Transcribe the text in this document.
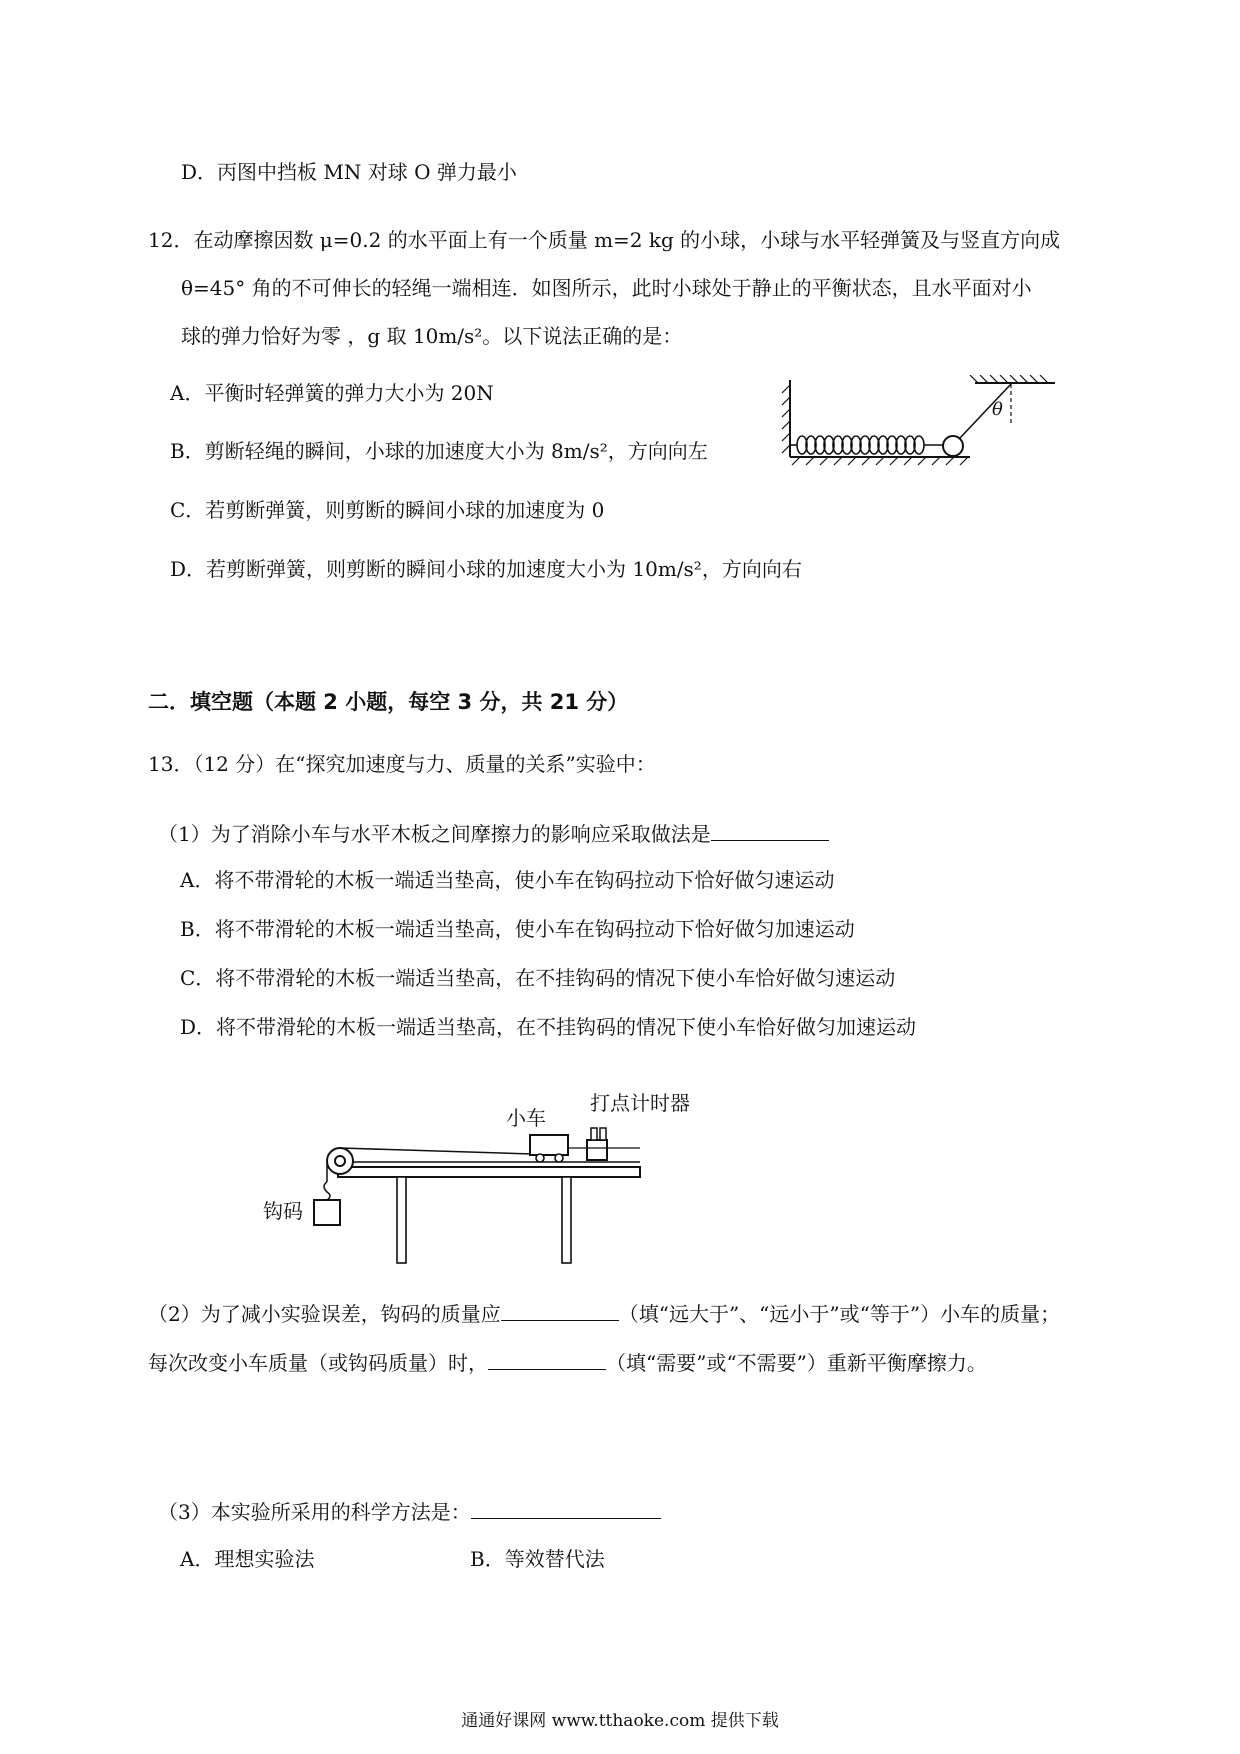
D．丙图中挡板 MN 对球 O 弹力最小
12．在动摩擦因数 μ=0.2 的水平面上有一个质量 m=2 kg 的小球，小球与水平轻弹簧及与竖直方向成
θ=45° 角的不可伸长的轻绳一端相连．如图所示，此时小球处于静止的平衡状态，且水平面对小
球的弹力恰好为零 ，g 取 10m/s²。以下说法正确的是：
A．平衡时轻弹簧的弹力大小为 20N
B．剪断轻绳的瞬间，小球的加速度大小为 8m/s²，方向向左
C．若剪断弹簧，则剪断的瞬间小球的加速度为 0
D．若剪断弹簧，则剪断的瞬间小球的加速度大小为 10m/s²，方向向右
θ
二．填空题（本题 2 小题，每空 3 分，共 21 分）
13．（12 分）在“探究加速度与力、质量的关系”实验中：
（1）为了消除小车与水平木板之间摩擦力的影响应采取做法是
A．将不带滑轮的木板一端适当垫高，使小车在钩码拉动下恰好做匀速运动
B．将不带滑轮的木板一端适当垫高，使小车在钩码拉动下恰好做匀加速运动
C．将不带滑轮的木板一端适当垫高，在不挂钩码的情况下使小车恰好做匀速运动
D．将不带滑轮的木板一端适当垫高，在不挂钩码的情况下使小车恰好做匀加速运动
小车
打点计时器
钩码
（2）为了减小实验误差，钩码的质量应	（填“远大于”、“远小于”或“等于”）小车的质量；
每次改变小车质量（或钩码质量）时，	（填“需要”或“不需要”）重新平衡摩擦力。
（3）本实验所采用的科学方法是：
A．理想实验法	B．等效替代法
通通好课网 www.tthaoke.com 提供下载
